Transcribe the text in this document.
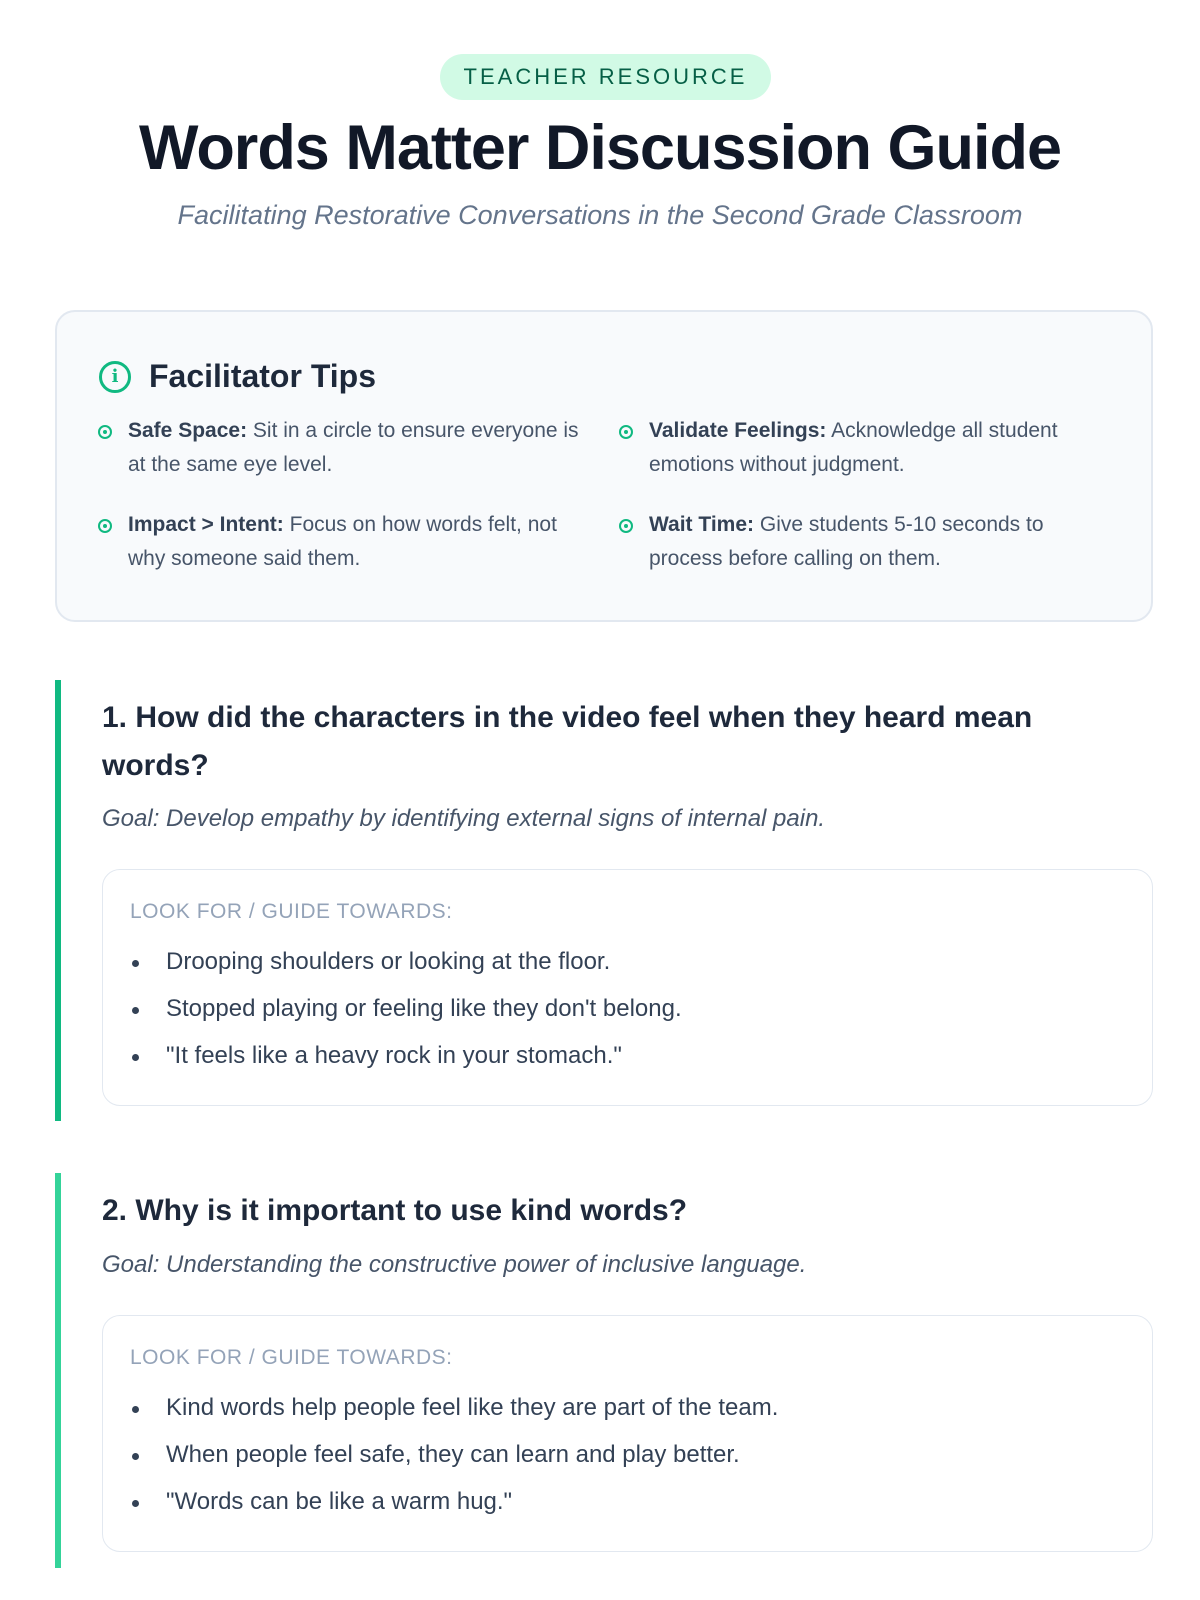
TEACHER RESOURCE
Words Matter Discussion Guide
Facilitating Restorative Conversations in the Second Grade Classroom
i Facilitator Tips
Safe Space: Sit in a circle to ensure everyone is at the same eye level.
Validate Feelings: Acknowledge all student emotions without judgment.
Impact > Intent: Focus on how words felt, not why someone said them.
Wait Time: Give students 5-10 seconds to process before calling on them.
1. How did the characters in the video feel when they heard mean words?
Goal: Develop empathy by identifying external signs of internal pain.
LOOK FOR / GUIDE TOWARDS:
Drooping shoulders or looking at the floor.
Stopped playing or feeling like they don't belong.
"It feels like a heavy rock in your stomach."
2. Why is it important to use kind words?
Goal: Understanding the constructive power of inclusive language.
LOOK FOR / GUIDE TOWARDS:
Kind words help people feel like they are part of the team.
When people feel safe, they can learn and play better.
"Words can be like a warm hug."
